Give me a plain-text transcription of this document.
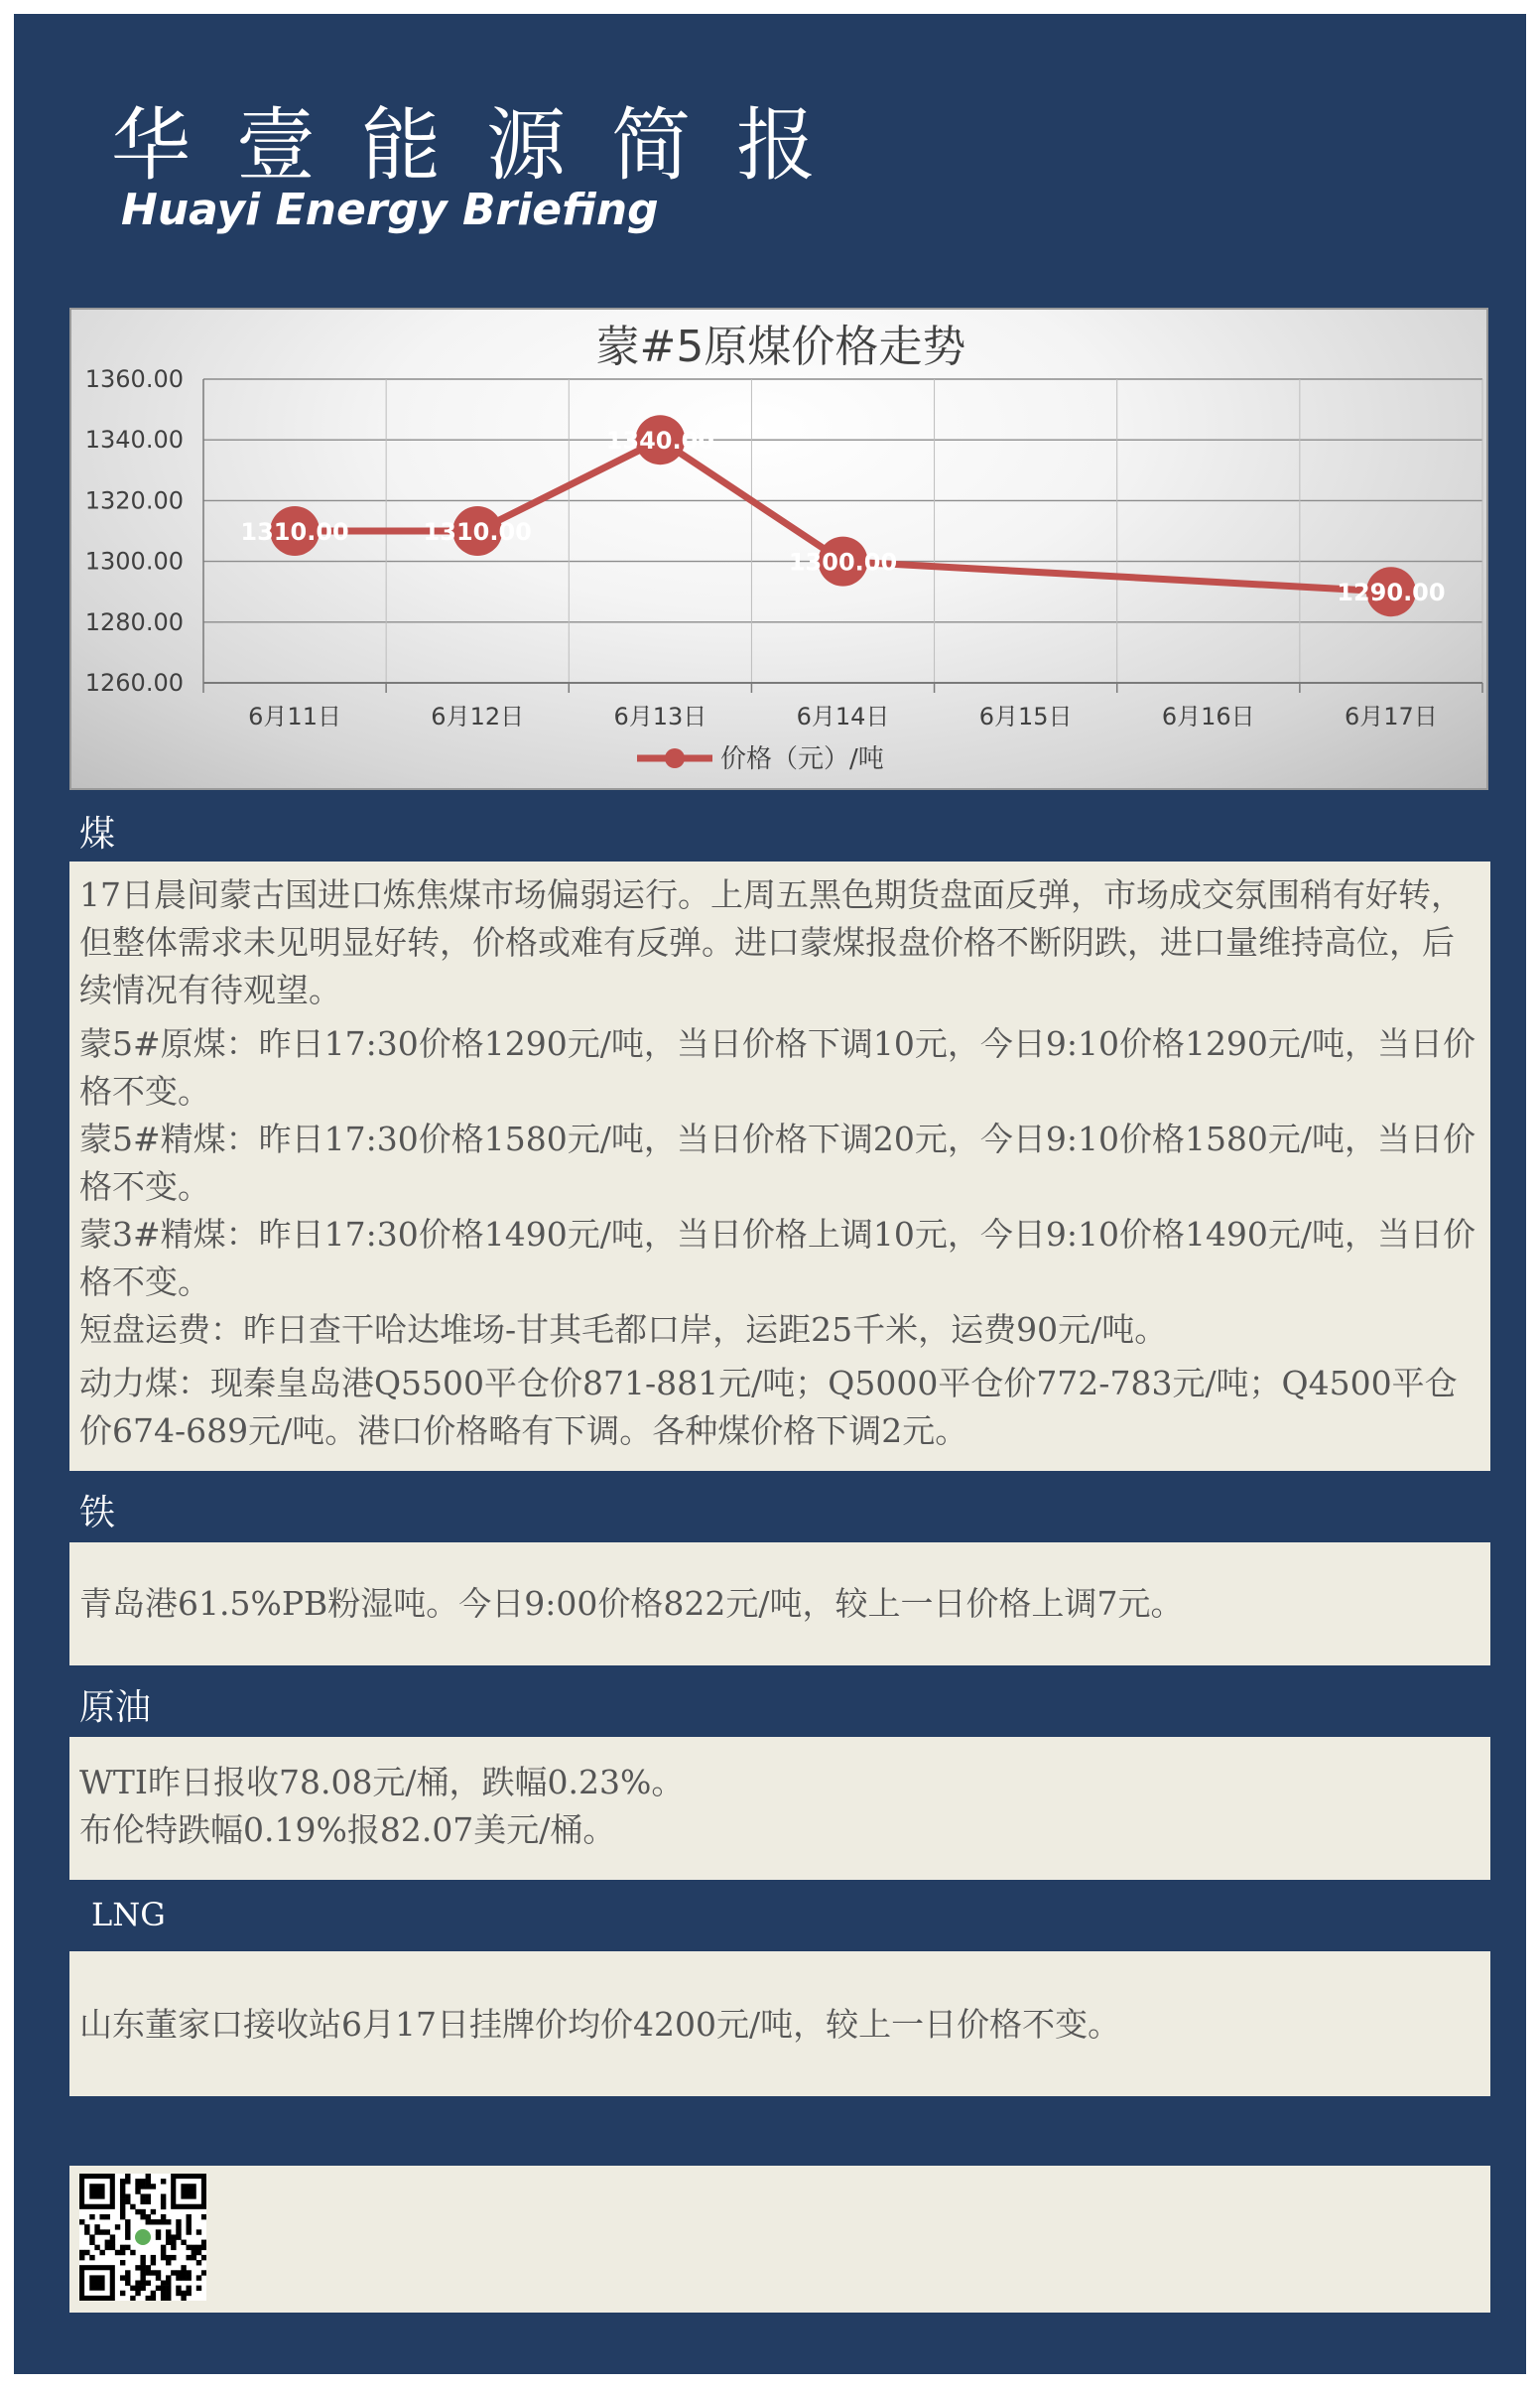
华壹能源简报
Huayi Energy Briefing
1260.00
1280.00
1300.00
1320.00
1340.00
1360.00
6月11日	6月12日	6月13日	6月14日	6月15日	6月16日	6月17日
蒙#5原煤价格走势
1310.00	1310.00
1340.00
1300.00
1290.00
价格（元）/吨
煤

17日晨间蒙古国进口炼焦煤市场偏弱运行。上周五黑色期货盘面反弹，市场成交氛围稍有好转，但整体需求未见明显好转，价格或难有反弹。进口蒙煤报盘价格不断阴跌，进口量维持高位，后续情况有待观望。

蒙5#原煤：昨日17:30价格1290元/吨，当日价格下调10元，今日9:10价格1290元/吨，当日价格不变。

蒙5#精煤：昨日17:30价格1580元/吨，当日价格下调20元，今日9:10价格1580元/吨，当日价格不变。

蒙3#精煤：昨日17:30价格1490元/吨，当日价格上调10元，今日9:10价格1490元/吨，当日价格不变。

短盘运费：昨日查干哈达堆场-甘其毛都口岸，运距25千米，运费90元/吨。

动力煤：现秦皇岛港Q5500平仓价871-881元/吨；Q5000平仓价772-783元/吨；Q4500平仓价674-689元/吨。港口价格略有下调。各种煤价格下调2元。

铁

青岛港61.5%PB粉湿吨。今日9:00价格822元/吨，较上一日价格上调7元。

原油

WTI昨日报收78.08元/桶，跌幅0.23%。

布伦特跌幅0.19%报82.07美元/桶。

LNG

山东董家口接收站6月17日挂牌价均价4200元/吨，较上一日价格不变。
